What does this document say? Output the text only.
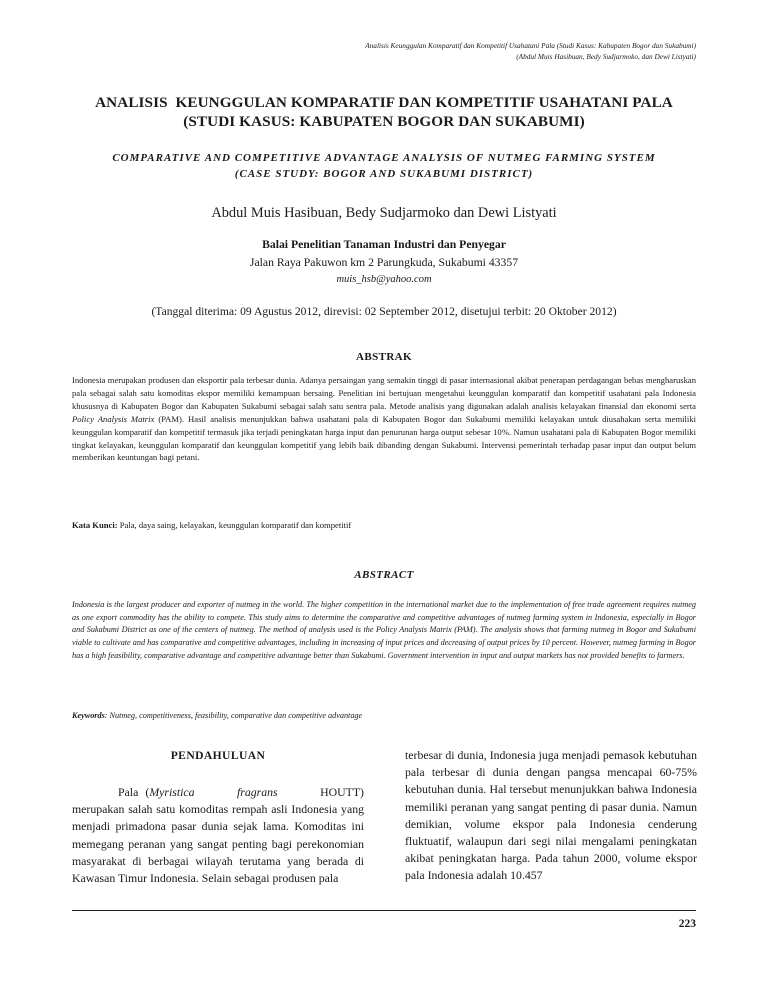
Analisis Keunggulan Komparatif dan Kompetitif Usahatani Pala (Studi Kasus: Kabupaten Bogor dan Sukabumi)
(Abdul Muis Hasibuan, Bedy Sudjarmoko, dan Dewi Listyati)
ANALISIS  KEUNGGULAN KOMPARATIF DAN KOMPETITIF USAHATANI PALA
(STUDI KASUS: KABUPATEN BOGOR DAN SUKABUMI)
COMPARATIVE AND COMPETITIVE ADVANTAGE ANALYSIS OF NUTMEG FARMING SYSTEM
(CASE STUDY: BOGOR AND SUKABUMI DISTRICT)
Abdul Muis Hasibuan, Bedy Sudjarmoko dan Dewi Listyati
Balai Penelitian Tanaman Industri dan Penyegar
Jalan Raya Pakuwon km 2 Parungkuda, Sukabumi 43357
muis_hsb@yahoo.com
(Tanggal diterima: 09 Agustus 2012, direvisi: 02 September 2012, disetujui terbit: 20 Oktober 2012)
ABSTRAK
Indonesia merupakan produsen dan eksportir pala terbesar dunia. Adanya persaingan yang semakin tinggi di pasar internasional akibat penerapan perdagangan bebas mengharuskan pala sebagai salah satu komoditas ekspor memiliki kemampuan bersaing. Penelitian ini bertujuan mengetahui keunggulan komparatif dan kompetitif usahatani pala Indonesia khususnya di Kabupaten Bogor dan Kabupaten Sukabumi sebagai salah satu sentra pala. Metode analisis yang digunakan adalah analisis kelayakan finansial dan ekonomi serta Policy Analysis Matrix (PAM). Hasil analisis menunjukkan bahwa usahatani pala di Kabupaten Bogor dan Sukabumi memiliki kelayakan untuk diusahakan serta memiliki keunggulan komparatif dan kompetitif termasuk jika terjadi peningkatan harga input dan penurunan harga output sebesar 10%. Namun usahatani pala di Kabupaten Bogor memiliki tingkat kelayakan, keunggulan komparatif dan keunggulan kompetitif yang lebih baik dibanding dengan Sukabumi. Intervensi pemerintah terhadap pasar input dan output belum memberikan keuntungan bagi petani.
Kata Kunci: Pala, daya saing, kelayakan, keunggulan komparatif dan kompetitif
ABSTRACT
Indonesia is the largest producer and exporter of nutmeg in the world. The higher competition in the international market due to the implementation of free trade agreement requires nutmeg as one export commodity has the ability to compete. This study aims to determine the comparative and competitive advantages of nutmeg farming system in Indonesia, especially in Bogor and Sukabumi District as one of the centers of nutmeg. The method of analysis used is the Policy Analysis Matrix (PAM). The analysis shows that farming nutmeg in Bogor and Sukabumi viable to cultivate and has comparative and competitive advantages, including in increasing of input prices and decreasing of output prices by 10 percent. However, nutmeg farming in Bogor has a high feasibility, comparative advantage and competitive advantage better than Sukabumi. Government intervention in input and output markets has not provided benefits to farmers.
Keywords: Nutmeg, competitiveness, feasibility, comparative dan competitive advantage
PENDAHULUAN

Pala (Myristica      fragrans      HOUTT) merupakan salah satu komoditas rempah asli Indonesia yang menjadi primadona pasar dunia sejak lama. Komoditas ini memegang peranan yang sangat penting bagi perekonomian masyarakat di berbagai wilayah terutama yang berada di Kawasan Timur Indonesia. Selain sebagai produsen pala

terbesar di dunia, Indonesia juga menjadi pemasok kebutuhan pala terbesar di dunia dengan pangsa mencapai 60-75% kebutuhan dunia. Hal tersebut menunjukkan bahwa Indonesia memiliki peranan yang sangat penting di pasar dunia. Namun demikian, volume ekspor pala Indonesia cenderung fluktuatif, walaupun dari segi nilai mengalami peningkatan akibat peningkatan harga. Pada tahun 2000, volume ekspor pala Indonesia adalah 10.457

223
